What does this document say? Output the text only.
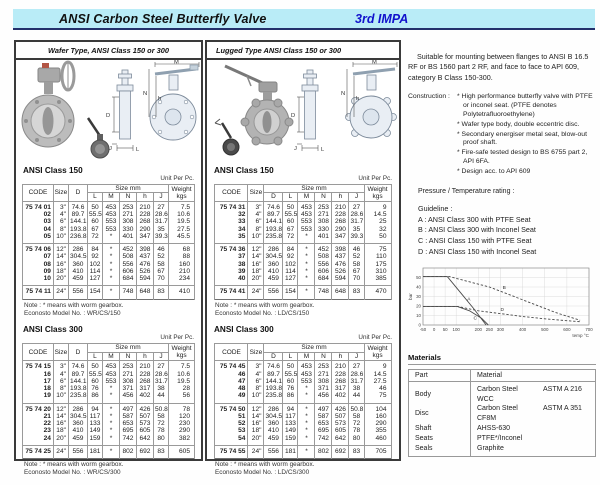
ANSI Carbon Steel Butterfly Valve	3rd IMPA
Wafer Type, ANSI Class 150 or 300
D
J	L
M
N
h
ANSI Class 150
Unit Per Pc.
CODE	Size	D	Size mm					Weight
kgs

			L	M	N	h	J	
75 74 01	3"	74.6	50	453	253	210	27	7.5
02	4"	89.7	55.5	453	271	228	28.6	10.6
03	6"	144.1	60	553	308	268	31.7	19.5
04	8"	193.8	67	553	330	290	35	27.5
05	10"	236.8	72	*	401	347	39.3	45.5
75 74 06	12"	286	84	*	452	398	46	68
07	14"	304.5	92	*	508	437	52	88
08	16"	360	102	*	556	476	58	160
09	18"	410	114	*	606	526	67	210
10	20"	459	127	*	684	594	70	234
75 74 11	24"	556	154	*	748	648	83	410
Note : * means with worm gearbox.
Econosto Model No. : WR/CS/150
ANSI Class 300
Unit Per Pc.
CODE	Size	D	Size mm					Weight
kgs

			L	M	N	h	J	
75 74 15	3"	74.6	50	453	253	210	27	7.5
16	4"	89.7	55.5	453	271	228	28.6	10.6
17	6"	144.1	60	553	308	268	31.7	19.5
18	8"	193.8	76	*	371	317	38	28
19	10"	235.8	86	*	456	402	44	56
75 74 20	12"	286	94	*	497	426	50.8	78
21	14"	304.5	117	*	587	507	58	120
22	16"	360	133	*	653	573	72	230
23	18"	410	149	*	695	605	78	290
24	20"	459	159	*	742	642	80	382
75 74 25	24"	556	181	*	802	692	83	605
Note : * means with worm gearbox.
Econosto Model No. : WR/CS/300
Lugged Type ANSI Class 150 or 300
D
J	L
M
N
h
ANSI Class 150
Unit Per Pc.
CODE	Size	Size mm						Weight
kgs

		D	L	M	N	h	J	
75 74 31	3"	74.6	50	453	253	210	27	9
32	4"	89.7	55.5	453	271	228	28.6	14.5
33	6"	144.1	60	553	308	268	31.7	25
34	8"	193.8	67	553	330	290	35	32
35	10"	235.8	72	*	401	347	39.3	50
75 74 36	12"	286	84	*	452	398	46	75
37	14"	304.5	92	*	508	437	52	110
38	16"	360	102	*	556	476	58	175
39	18"	410	114	*	606	526	67	310
40	20"	459	127	*	684	594	70	385
75 74 41	24"	556	154	*	748	648	83	470
Note : * means with worm gearbox.
Econosto Model No. : LD/CS/150
ANSI Class 300
Unit Per Pc.
CODE	Size	Size mm						Weight
kgs

		D	L	M	N	h	J	
75 74 45	3"	74.6	50	453	253	210	27	9
46	4"	89.7	55.5	453	271	228	28.6	14.5
47	6"	144.1	60	553	308	268	31.7	27.5
48	8"	193.8	76	*	371	317	38	46
49	10"	235.8	86	*	456	402	44	75
75 74 50	12"	286	94	*	497	426	50.8	104
51	14"	304.5	117	*	587	507	58	160
52	16"	360	133	*	653	573	72	290
53	18"	410	149	*	695	605	78	355
54	20"	459	159	*	742	642	80	460
75 74 55	24"	556	181	*	802	692	83	705
Note : * means with worm gearbox.
Econosto Model No. : LD/CS/300
Suitable for mounting between flanges to ANSI B 16.5 RF or BS 1560 part 2 RF, and face to face to API 609, category B Class 150-300.
Construction :	* High performance butterfly valve with PTFE or inconel seat. (PTFE denotes Polytetrafluoroethylene)
* Wafer type body, double eccentric disc.
* Secondary energiser metal seat, blow-out proof shaft.
* Fire-safe tested design to BS 6755 part 2, API 6FA.
* Design acc. to API 609
Pressure / Temperature rating :
Guideline :
A : ANSI Class 300 with PTFE Seat
B : ANSI Class 300 with Inconel Seat
C : ANSI Class 150 with PTFE Seat
D : ANSI Class 150 with Inconel Seat
-50 0 50 100	200 250 300	400	500	600	700
0
10
20
30
40
50
bar
temp °C
A
B
C
D
Materials
Part	Material
Body	Carbon Steel ASTM A 216 WCC
Disc	Carbon Steel ASTM A 351 CF8M
Shaft	AHSS-630
Seats	PTFE*/Inconel
Seals	Graphite
